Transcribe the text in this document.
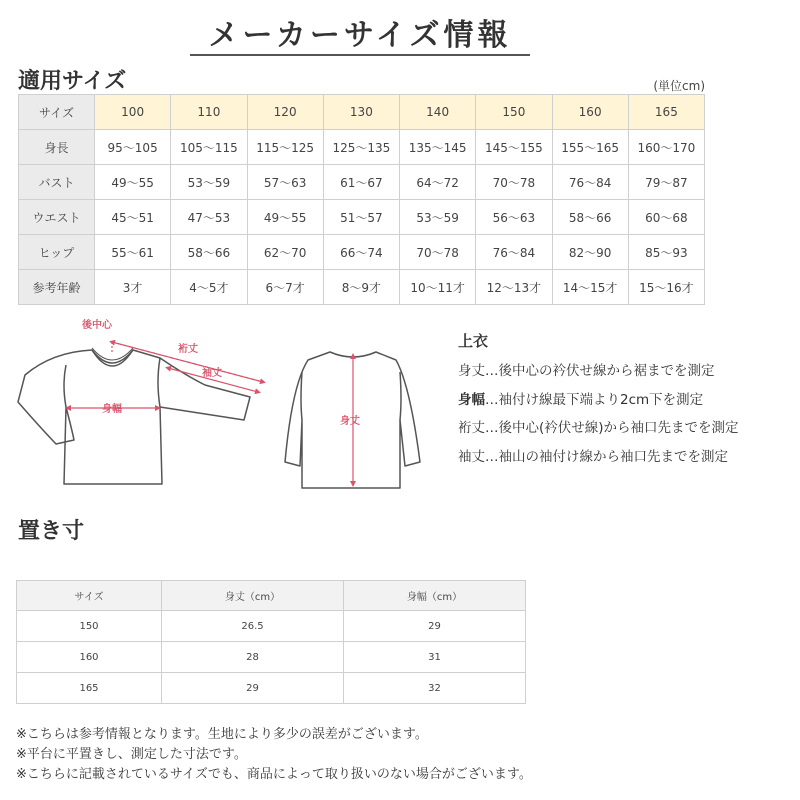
メーカーサイズ情報
適用サイズ	(単位cm)
サイズ	100	110	120	130	140	150	160	165
身長	95～105	105～115	115～125	125～135	135～145	145～155	155～165	160～170
バスト	49～55	53～59	57～63	61～67	64～72	70～78	76～84	79～87
ウエスト	45～51	47～53	49～55	51～57	53～59	56～63	58～66	60～68
ヒップ	55～61	58～66	62～70	66～74	70～78	76～84	82～90	85～93
参考年齢	3才	4～5才	6～7才	8～9才	10～11才	12～13才	14～15才	15～16才
後中心
裄丈
袖丈
身幅
身丈
上衣
身丈…後中心の衿伏せ線から裾までを測定
身幅…袖付け線最下端より2cm下を測定
裄丈…後中心(衿伏せ線)から袖口先までを測定
袖丈…袖山の袖付け線から袖口先までを測定
置き寸
サイズ	身丈（cm）	身幅（cm）
150	26.5	29
160	28	31
165	29	32
※こちらは参考情報となります。生地により多少の誤差がございます。
※平台に平置きし、測定した寸法です。
※こちらに記載されているサイズでも、商品によって取り扱いのない場合がございます。
